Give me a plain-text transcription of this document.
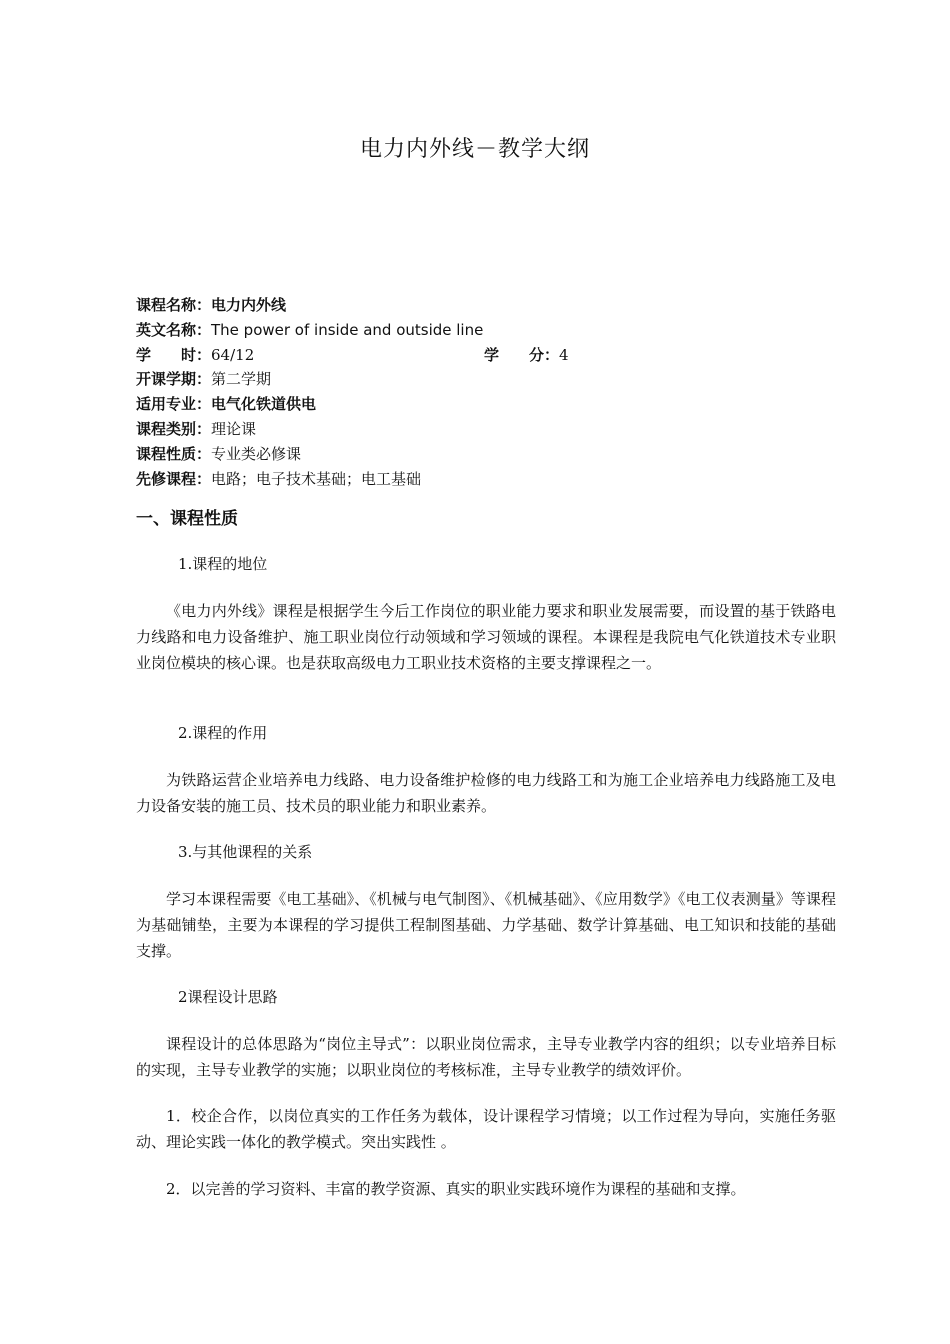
电力内外线－教学大纲
课程名称：电力内外线
英文名称：The power of inside and outside line
学　　时：64/12	学　　分：4
开课学期：第二学期
适用专业：电气化铁道供电
课程类别：理论课
课程性质：专业类必修课
先修课程：电路；电子技术基础；电工基础
一、课程性质
1.课程的地位
《电力内外线》课程是根据学生今后工作岗位的职业能力要求和职业发展需要，而设置的基于铁路电力线路和电力设备维护、施工职业岗位行动领域和学习领域的课程。本课程是我院电气化铁道技术专业职业岗位模块的核心课。也是获取高级电力工职业技术资格的主要支撑课程之一。
2.课程的作用
为铁路运营企业培养电力线路、电力设备维护检修的电力线路工和为施工企业培养电力线路施工及电力设备安装的施工员、技术员的职业能力和职业素养。
3.与其他课程的关系
学习本课程需要《电工基础》、《机械与电气制图》、《机械基础》、《应用数学》《电工仪表测量》等课程为基础铺垫，主要为本课程的学习提供工程制图基础、力学基础、数学计算基础、电工知识和技能的基础支撑。
2课程设计思路
课程设计的总体思路为“岗位主导式”：以职业岗位需求，主导专业教学内容的组织；以专业培养目标的实现，主导专业教学的实施；以职业岗位的考核标准，主导专业教学的绩效评价。
1．校企合作，以岗位真实的工作任务为载体，设计课程学习情境；以工作过程为导向，实施任务驱动、理论实践一体化的教学模式。突出实践性 。
2．以完善的学习资料、丰富的教学资源、真实的职业实践环境作为课程的基础和支撑。
